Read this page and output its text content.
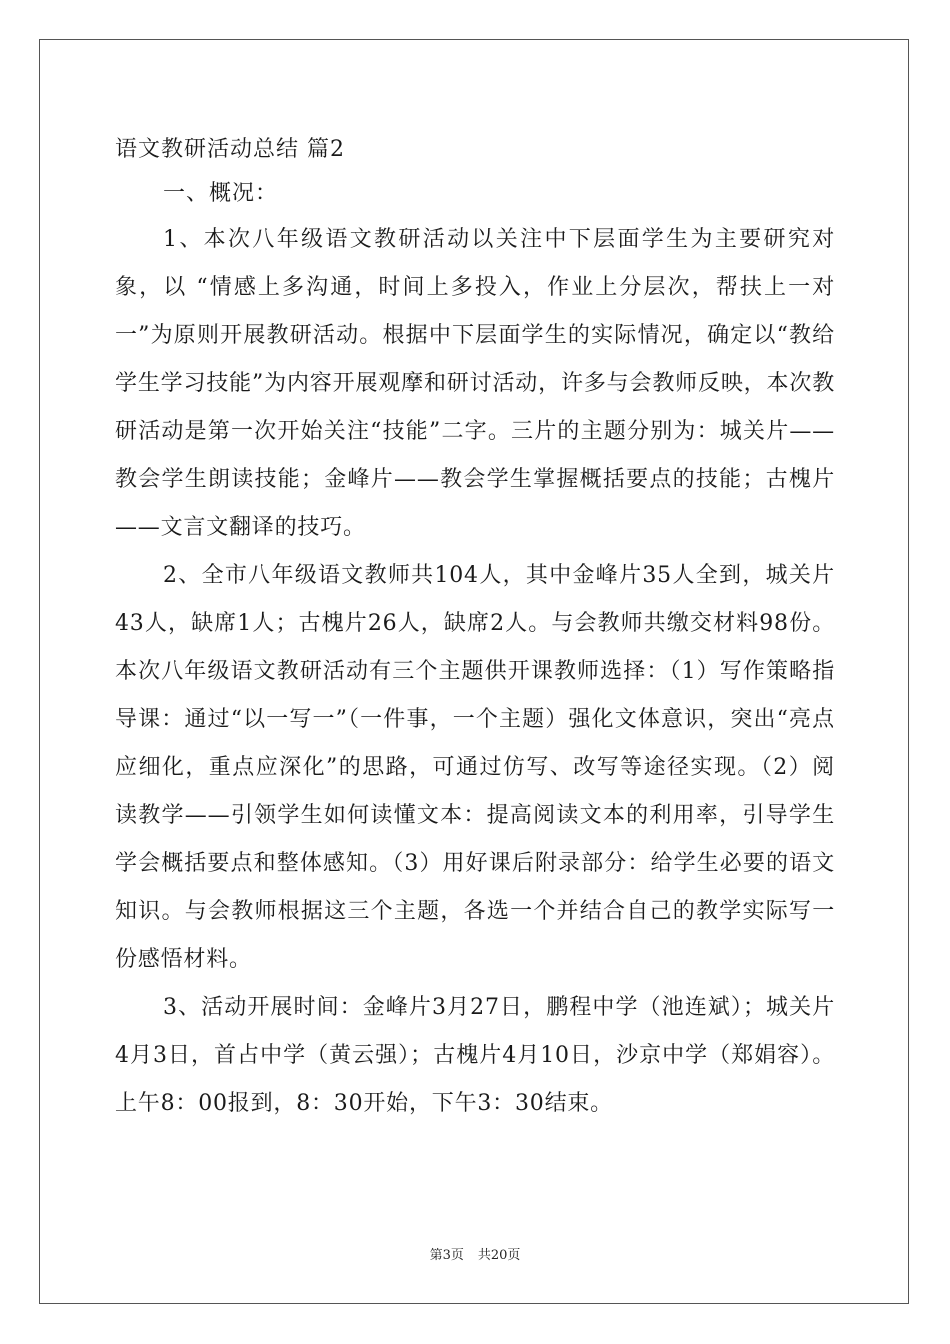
语文教研活动总结 篇2

一、概况：

1、本次八年级语文教研活动以关注中下层面学生为主要研究对象，以 “情感上多沟通，时间上多投入，作业上分层次，帮扶上一对一”为原则开展教研活动。根据中下层面学生的实际情况，确定以“教给学生学习技能”为内容开展观摩和研讨活动，许多与会教师反映，本次教研活动是第一次开始关注“技能”二字。三片的主题分别为：城关片——教会学生朗读技能；金峰片——教会学生掌握概括要点的技能；古槐片——文言文翻译的技巧。

2、全市八年级语文教师共104人，其中金峰片35人全到，城关片43人，缺席1人；古槐片26人，缺席2人。与会教师共缴交材料98份。本次八年级语文教研活动有三个主题供开课教师选择：（1）写作策略指导课：通过“以一写一”（一件事，一个主题）强化文体意识，突出“亮点应细化，重点应深化”的思路，可通过仿写、改写等途径实现。（2）阅读教学——引领学生如何读懂文本：提高阅读文本的利用率，引导学生学会概括要点和整体感知。（3）用好课后附录部分：给学生必要的语文知识。与会教师根据这三个主题，各选一个并结合自己的教学实际写一份感悟材料。

3、活动开展时间：金峰片3月27日，鹏程中学（池连斌）；城关片4月3日，首占中学（黄云强）；古槐片4月10日，沙京中学（郑娟容）。上午8：00报到，8：30开始，下午3：30结束。

第3页 共20页
